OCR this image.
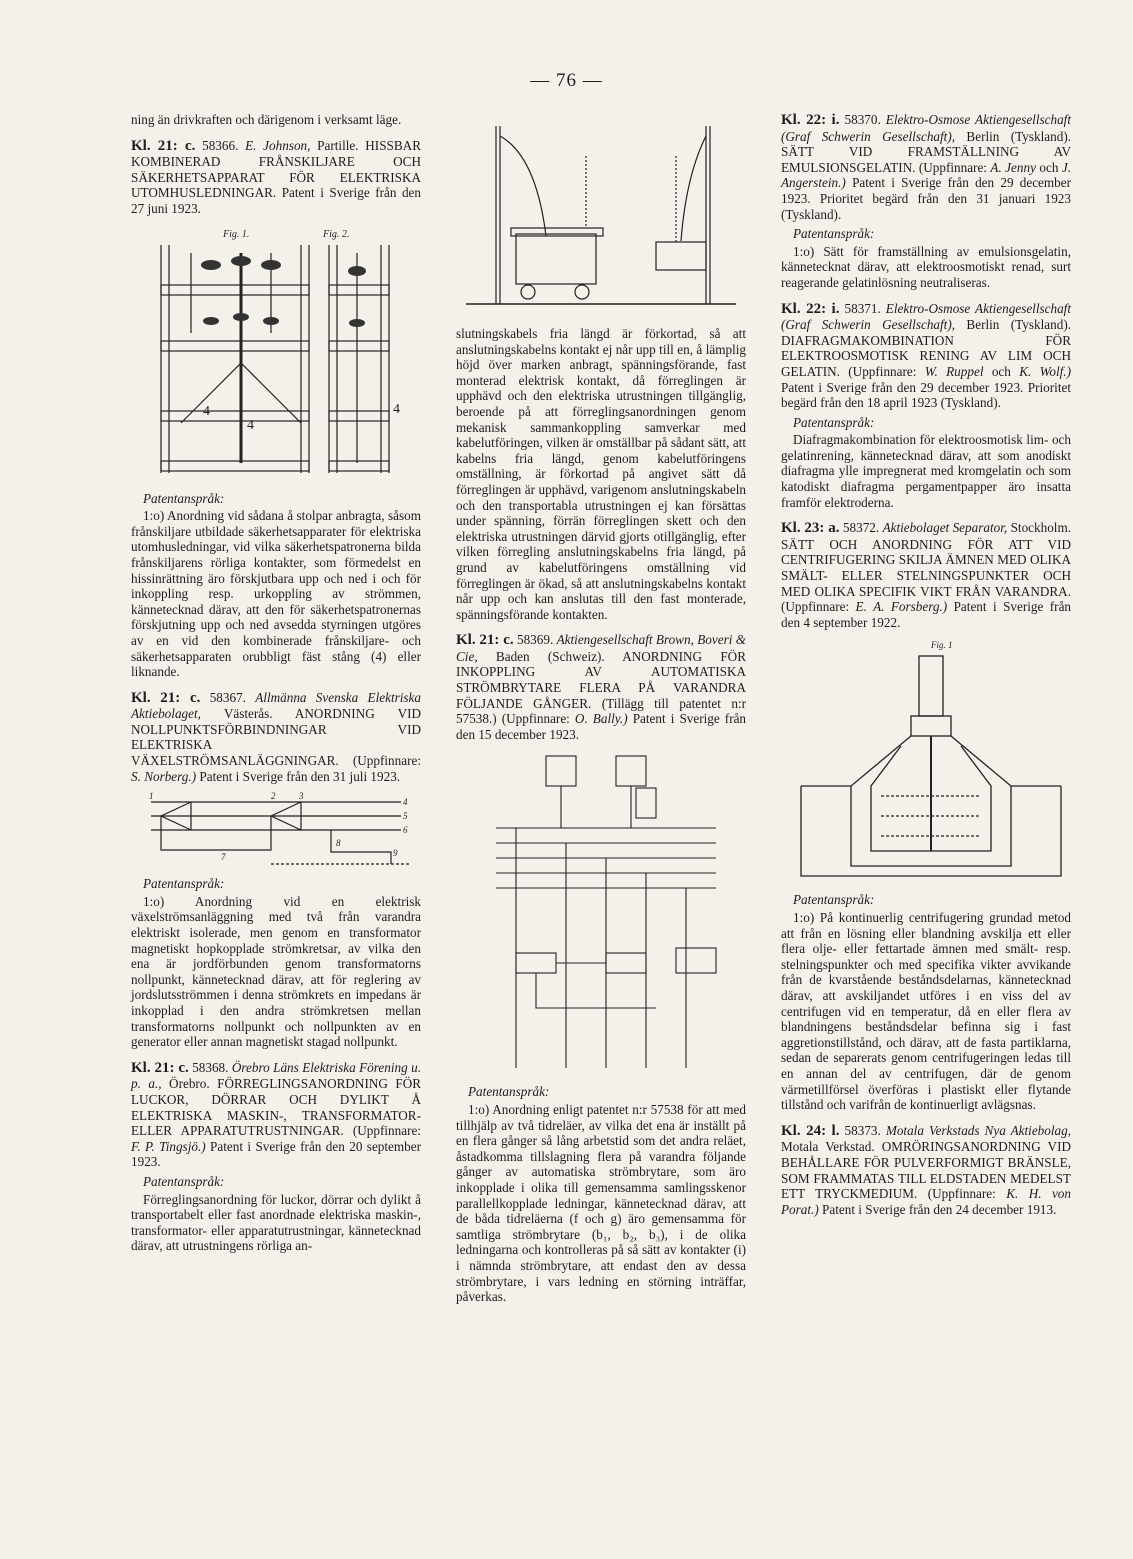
— 76 —

ning än drivkraften och därigenom i verksamt läge.

Kl. 21: c. 58366. E. Johnson, Partille. HISSBAR KOMBINERAD FRÅNSKILJARE OCH SÄKERHETSAPPARAT FÖR ELEKTRISKA UTOMHUSLEDNINGAR. Patent i Sverige från den 27 juni 1923.

Fig. 1.	Fig. 2.
4
4
4
Patentanspråk:

1:o) Anordning vid sådana å stolpar anbragta, såsom frånskiljare utbildade säkerhetsapparater för elektriska utomhusledningar, vid vilka säkerhetspatronerna bilda frånskiljarens rörliga kontakter, som förmedelst en hissinrättning äro förskjutbara upp och ned i och för inkoppling resp. urkoppling av strömmen, kännetecknad därav, att den för säkerhetspatronernas förskjutning upp och ned avsedda styrningen utgöres av en vid den kombinerade frånskiljare- och säkerhetsapparaten orubbligt fäst stång (4) eller liknande.

Kl. 21: c. 58367. Allmänna Svenska Elektriska Aktiebolaget, Västerås. ANORDNING VID NOLLPUNKTSFÖRBINDNINGAR VID ELEKTRISKA VÄXELSTRÖMSANLÄGGNINGAR. (Uppfinnare: S. Norberg.) Patent i Sverige från den 31 juli 1923.

1	2	3
4
5
6
7
8
9
Patentanspråk:

1:o) Anordning vid en elektrisk växelströmsanläggning med två från varandra elektriskt isolerade, men genom en transformator magnetiskt hopkopplade strömkretsar, av vilka den ena är jordförbunden genom transformatorns nollpunkt, kännetecknad därav, att för reglering av jordslutsströmmen i denna strömkrets en impedans är inkopplad i den andra strömkretsen mellan transformatorns nollpunkt och nollpunkten av en generator eller annan magnetiskt stagad nollpunkt.

Kl. 21: c. 58368. Örebro Läns Elektriska Förening u. p. a., Örebro. FÖRREGLINGSANORDNING FÖR LUCKOR, DÖRRAR OCH DYLIKT Å ELEKTRISKA MASKIN-, TRANSFORMATOR- ELLER APPARATUTRUSTNINGAR. (Uppfinnare: F. P. Tingsjö.) Patent i Sverige från den 20 september 1923.

Patentanspråk:

Förreglingsanordning för luckor, dörrar och dylikt å transportabelt eller fast anordnade elektriska maskin-, transformator- eller apparatutrustningar, kännetecknad därav, att utrustningens rörliga an-

slutningskabels fria längd är förkortad, så att anslutningskabelns kontakt ej når upp till en, å lämplig höjd över marken anbragt, spänningsförande, fast monterad elektrisk kontakt, då förreglingen är upphävd och den elektriska utrustningen tillgänglig, beroende på att förreglingsanordningen genom mekanisk sammankoppling samverkar med kabelutföringen, vilken är omställbar på sådant sätt, att kabelns fria längd, genom kabelutföringens omställning, är förkortad på angivet sätt då förreglingen är upphävd, varigenom anslutningskabeln och den transportabla utrustningen ej kan försättas under spänning, förrän förreglingen skett och den elektriska utrustningen därvid gjorts otillgänglig, efter vilken förregling anslutningskabelns fria längd, på grund av kabelutföringens omställning vid förreglingen är ökad, så att anslutningskabelns kontakt når upp och kan anslutas till den fast monterade, spänningsförande kontakten.

Kl. 21: c. 58369. Aktiengesellschaft Brown, Boveri & Cie, Baden (Schweiz). ANORDNING FÖR INKOPPLING AV AUTOMATISKA STRÖMBRYTARE FLERA PÅ VARANDRA FÖLJANDE GÅNGER. (Tillägg till patentet n:r 57538.) (Uppfinnare: O. Bally.) Patent i Sverige från den 15 december 1923.

Patentanspråk:

1:o) Anordning enligt patentet n:r 57538 för att med tillhjälp av två tidreläer, av vilka det ena är inställt på en flera gånger så lång arbetstid som det andra reläet, åstadkomma tillslagning flera på varandra följande gånger av automatiska strömbrytare, som äro inkopplade i olika till gemensamma samlingsskenor parallellkopplade ledningar, kännetecknad därav, att de båda tidreläerna (f och g) äro gemensamma för samtliga strömbrytare (b₁, b₂, b₃), i de olika ledningarna och kontrolleras på så sätt av kontakter (i) i nämnda strömbrytare, att endast den av dessa strömbrytare, i vars ledning en störning inträffar, påverkas.

Kl. 22: i. 58370. Elektro-Osmose Aktiengesellschaft (Graf Schwerin Gesellschaft), Berlin (Tyskland). SÄTT VID FRAMSTÄLLNING AV EMULSIONSGELATIN. (Uppfinnare: A. Jenny och J. Angerstein.) Patent i Sverige från den 29 december 1923. Prioritet begärd från den 31 januari 1923 (Tyskland).

Patentanspråk:

1:o) Sätt för framställning av emulsionsgelatin, kännetecknat därav, att elektroosmotiskt renad, surt reagerande gelatinlösning neutraliseras.

Kl. 22: i. 58371. Elektro-Osmose Aktiengesellschaft (Graf Schwerin Gesellschaft), Berlin (Tyskland). DIAFRAGMAKOMBINATION FÖR ELEKTROOSMOTISK RENING AV LIM OCH GELATIN. (Uppfinnare: W. Ruppel och K. Wolf.) Patent i Sverige från den 29 december 1923. Prioritet begärd från den 18 april 1923 (Tyskland).

Patentanspråk:

Diafragmakombination för elektroosmotisk lim- och gelatinrening, kännetecknad därav, att som anodiskt diafragma ylle impregnerat med kromgelatin och som katodiskt diafragma pergamentpapper äro insatta framför elektroderna.

Kl. 23: a. 58372. Aktiebolaget Separator, Stockholm. SÄTT OCH ANORDNING FÖR ATT VID CENTRIFUGERING SKILJA ÄMNEN MED OLIKA SMÄLT- ELLER STELNINGSPUNKTER OCH MED OLIKA SPECIFIK VIKT FRÅN VARANDRA. (Uppfinnare: E. A. Forsberg.) Patent i Sverige från den 4 september 1922.

Fig. 1
Patentanspråk:

1:o) På kontinuerlig centrifugering grundad metod att från en lösning eller blandning avskilja ett eller flera olje- eller fettartade ämnen med smält- resp. stelningspunkter och med specifika vikter avvikande från de kvarstående beståndsdelarnas, kännetecknad därav, att avskiljandet utföres i en viss del av centrifugen vid en temperatur, då en eller flera av blandningens beståndsdelar befinna sig i fast aggretionstillstånd, och därav, att de fasta partiklarna, sedan de separerats genom centrifugeringen ledas till en annan del av centrifugen, där de genom värmetillförsel överföras i plastiskt eller flytande tillstånd och varifrån de kontinuerligt avlägsnas.

Kl. 24: l. 58373. Motala Verkstads Nya Aktiebolag, Motala Verkstad. OMRÖRINGSANORDNING VID BEHÅLLARE FÖR PULVERFORMIGT BRÄNSLE, SOM FRAMMATAS TILL ELDSTADEN MEDELST ETT TRYCKMEDIUM. (Uppfinnare: K. H. von Porat.) Patent i Sverige från den 24 december 1913.
